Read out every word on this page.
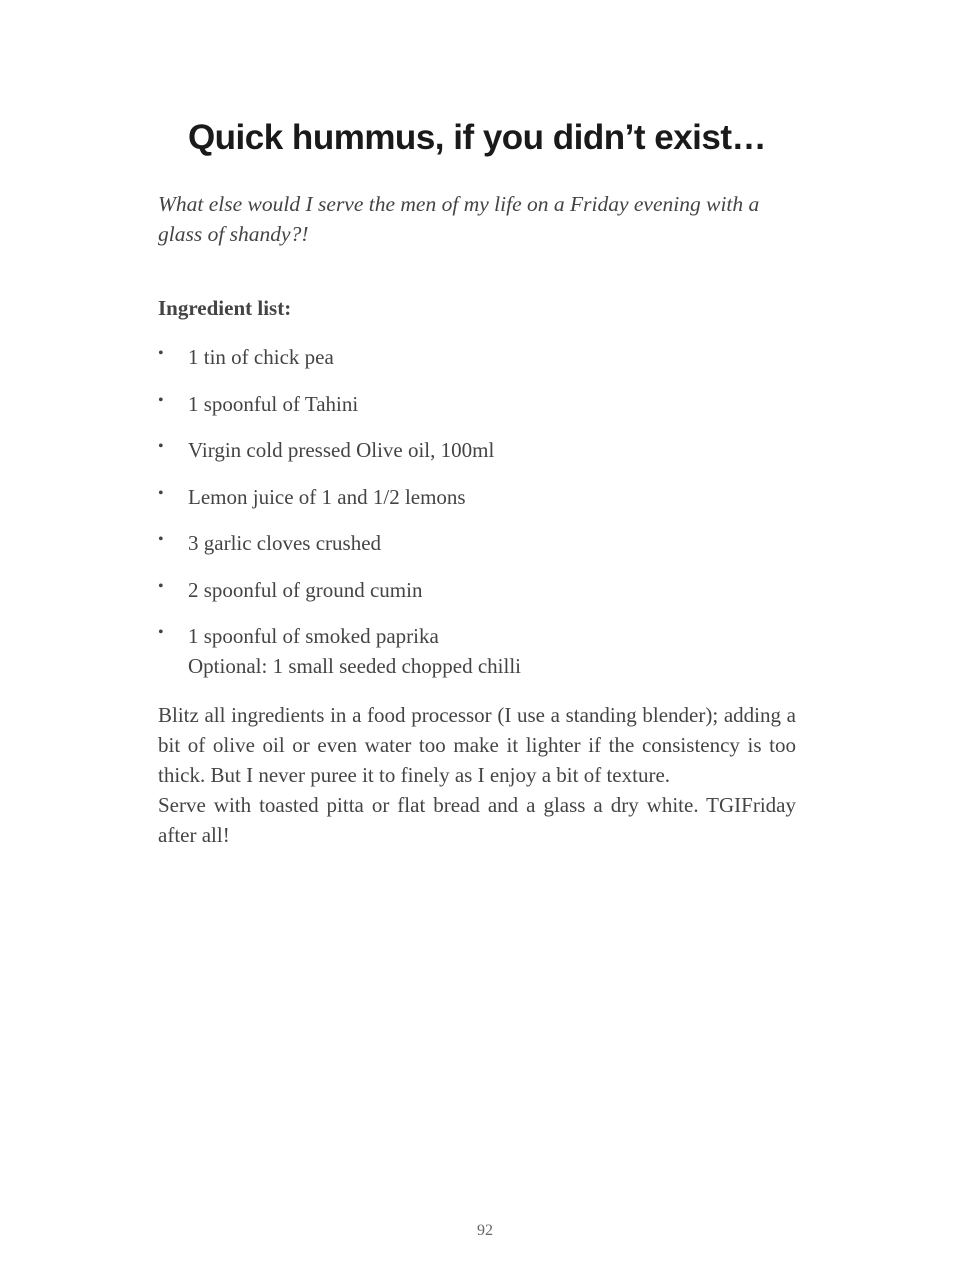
Quick hummus, if you didn’t exist…

What else would I serve the men of my life on a Friday evening with a glass of shandy?!

Ingredient list:

• 1 tin of chick pea
• 1 spoonful of Tahini
• Virgin cold pressed Olive oil, 100ml
• Lemon juice of 1 and 1/2 lemons
• 3 garlic cloves crushed
• 2 spoonful of ground cumin
• 1 spoonful of smoked paprika
Optional: 1 small seeded chopped chilli
Blitz all ingredients in a food processor (I use a standing blender); adding a bit of olive oil or even water too make it lighter if the consistency is too thick. But I never puree it to finely as I enjoy a bit of texture.
Serve with toasted pitta or flat bread and a glass a dry white. TGIFriday after all!
92
